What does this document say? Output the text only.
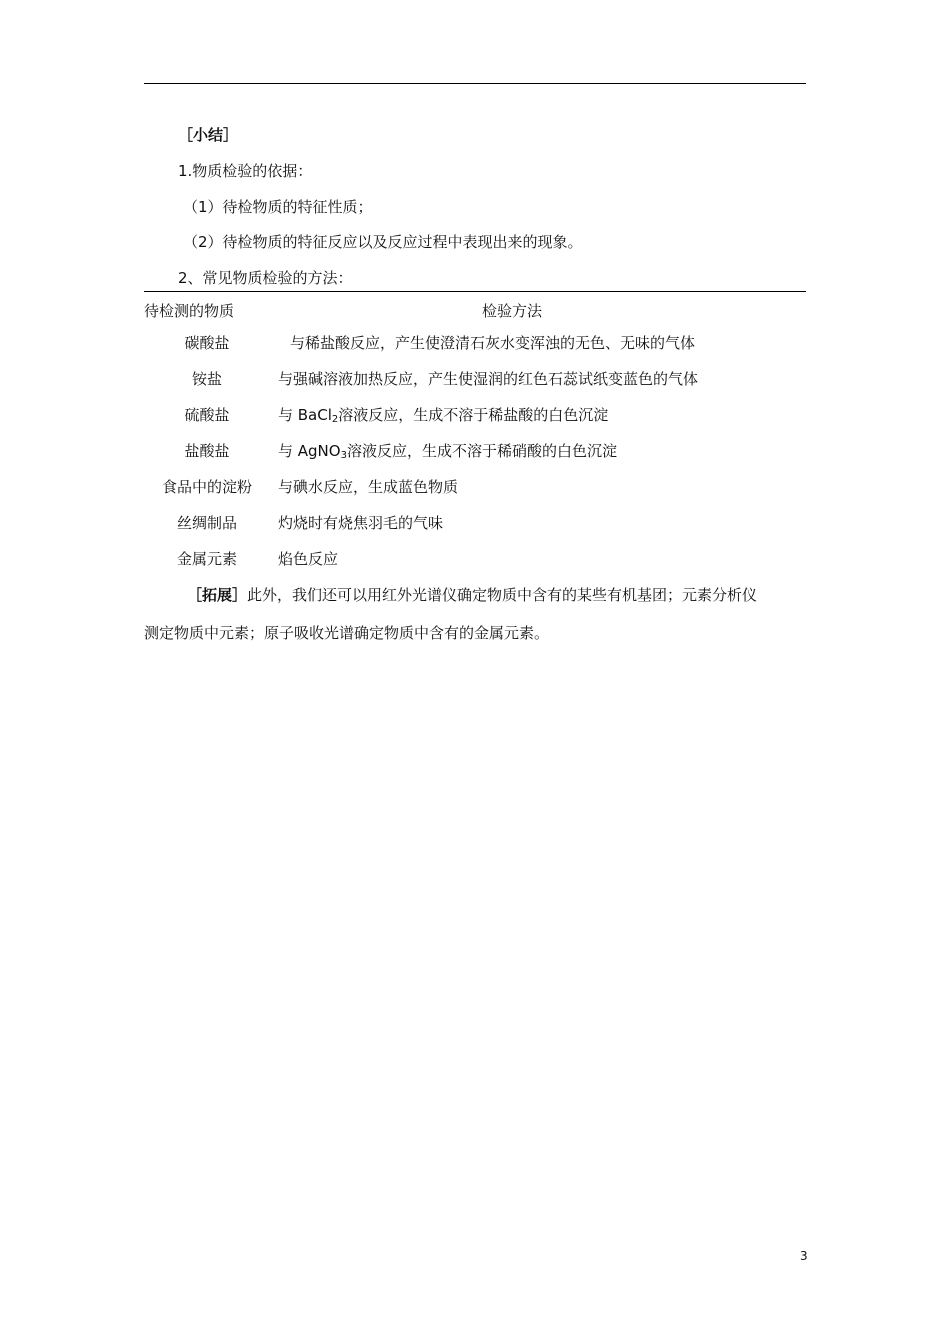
［小结］
1.物质检验的依据：
（1）待检物质的特征性质；
（2）待检物质的特征反应以及反应过程中表现出来的现象。
2、常见物质检验的方法：
待检测的物质	检验方法
碳酸盐	与稀盐酸反应，产生使澄清石灰水变浑浊的无色、无味的气体
铵盐	与强碱溶液加热反应，产生使湿润的红色石蕊试纸变蓝色的气体
硫酸盐	与 BaCl$_2$溶液反应，生成不溶于稀盐酸的白色沉淀
盐酸盐	与 AgNO$_3$溶液反应，生成不溶于稀硝酸的白色沉淀
食品中的淀粉	与碘水反应，生成蓝色物质
丝绸制品	灼烧时有烧焦羽毛的气味
金属元素	焰色反应
［拓展］此外，我们还可以用红外光谱仪确定物质中含有的某些有机基团；元素分析仪
测定物质中元素；原子吸收光谱确定物质中含有的金属元素。
3
